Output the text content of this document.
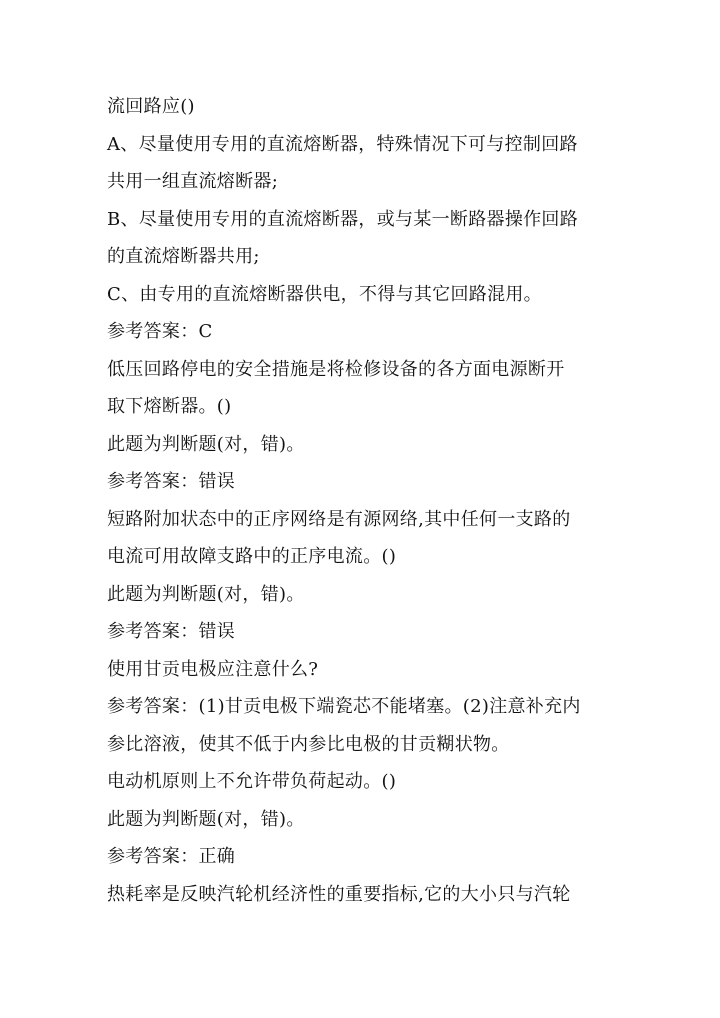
流回路应()
A、尽量使用专用的直流熔断器，特殊情况下可与控制回路
共用一组直流熔断器;
B、尽量使用专用的直流熔断器，或与某一断路器操作回路
的直流熔断器共用;
C、由专用的直流熔断器供电，不得与其它回路混用。
参考答案：C
低压回路停电的安全措施是将检修设备的各方面电源断开
取下熔断器。()
此题为判断题(对，错)。
参考答案：错误
短路附加状态中的正序网络是有源网络,其中任何一支路的
电流可用故障支路中的正序电流。()
此题为判断题(对，错)。
参考答案：错误
使用甘贡电极应注意什么?
参考答案：(1)甘贡电极下端瓷芯不能堵塞。(2)注意补充内
参比溶液，使其不低于内参比电极的甘贡糊状物。
电动机原则上不允许带负荷起动。()
此题为判断题(对，错)。
参考答案：正确
热耗率是反映汽轮机经济性的重要指标,它的大小只与汽轮
